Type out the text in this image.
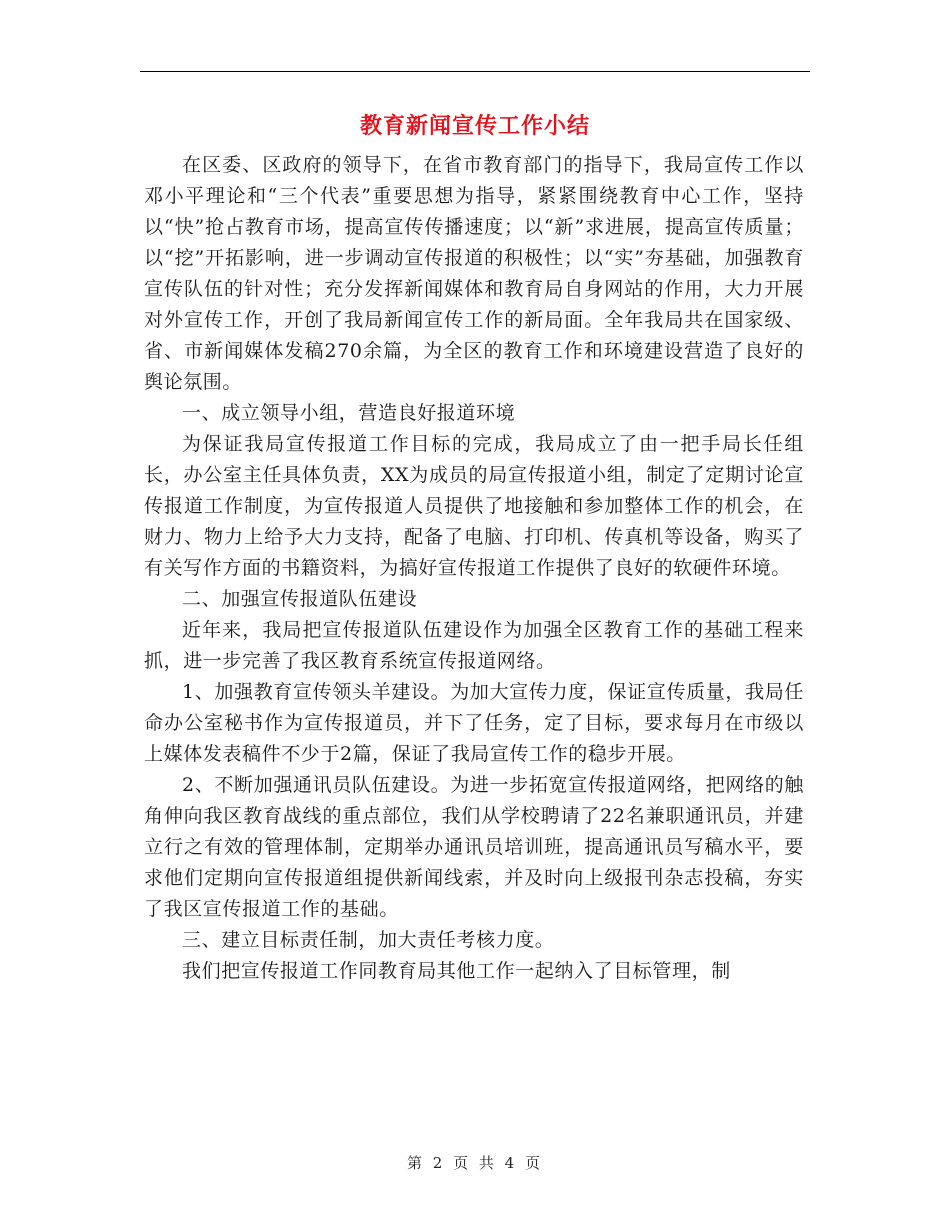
教育新闻宣传工作小结

在区委、区政府的领导下，在省市教育部门的指导下，我局宣传工作以邓小平理论和“三个代表”重要思想为指导，紧紧围绕教育中心工作，坚持以“快”抢占教育市场，提高宣传传播速度；以“新”求进展，提高宣传质量；以“挖”开拓影响，进一步调动宣传报道的积极性；以“实”夯基础，加强教育宣传队伍的针对性；充分发挥新闻媒体和教育局自身网站的作用，大力开展对外宣传工作，开创了我局新闻宣传工作的新局面。全年我局共在国家级、省、市新闻媒体发稿270余篇，为全区的教育工作和环境建设营造了良好的舆论氛围。

一、成立领导小组，营造良好报道环境

为保证我局宣传报道工作目标的完成，我局成立了由一把手局长任组长，办公室主任具体负责，XX为成员的局宣传报道小组，制定了定期讨论宣传报道工作制度，为宣传报道人员提供了地接触和参加整体工作的机会，在财力、物力上给予大力支持，配备了电脑、打印机、传真机等设备，购买了有关写作方面的书籍资料，为搞好宣传报道工作提供了良好的软硬件环境。

二、加强宣传报道队伍建设

近年来，我局把宣传报道队伍建设作为加强全区教育工作的基础工程来抓，进一步完善了我区教育系统宣传报道网络。

1、加强教育宣传领头羊建设。为加大宣传力度，保证宣传质量，我局任命办公室秘书作为宣传报道员，并下了任务，定了目标，要求每月在市级以上媒体发表稿件不少于2篇，保证了我局宣传工作的稳步开展。

2、不断加强通讯员队伍建设。为进一步拓宽宣传报道网络，把网络的触角伸向我区教育战线的重点部位，我们从学校聘请了22名兼职通讯员，并建立行之有效的管理体制，定期举办通讯员培训班，提高通讯员写稿水平，要求他们定期向宣传报道组提供新闻线索，并及时向上级报刊杂志投稿，夯实了我区宣传报道工作的基础。

三、建立目标责任制，加大责任考核力度。

我们把宣传报道工作同教育局其他工作一起纳入了目标管理，制

第 2 页 共 4 页
